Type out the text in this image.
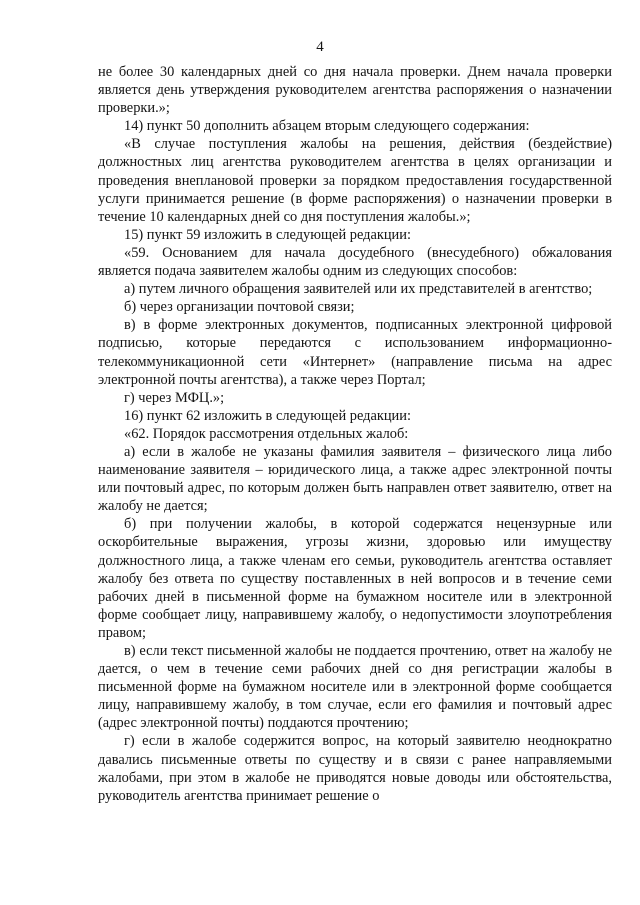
4

не более 30 календарных дней со дня начала проверки. Днем начала проверки является день утверждения руководителем агентства распоряжения о назначении проверки.»;

14) пункт 50 дополнить абзацем вторым следующего содержания:

«В случае поступления жалобы на решения, действия (бездействие) должностных лиц агентства руководителем агентства в целях организации и проведения внеплановой проверки за порядком предоставления государственной услуги принимается решение (в форме распоряжения) о назначении проверки в течение 10 календарных дней со дня поступления жалобы.»;

15) пункт 59 изложить в следующей редакции:

«59. Основанием для начала досудебного (внесудебного) обжалования является подача заявителем жалобы одним из следующих способов:

а) путем личного обращения заявителей или их представителей в агентство;

б) через организации почтовой связи;

в) в форме электронных документов, подписанных электронной цифровой подписью, которые передаются с использованием информационно-телекоммуникационной сети «Интернет» (направление письма на адрес электронной почты агентства), а также через Портал;

г) через МФЦ.»;

16) пункт 62 изложить в следующей редакции:

«62. Порядок рассмотрения отдельных жалоб:

а) если в жалобе не указаны фамилия заявителя – физического лица либо наименование заявителя – юридического лица, а также адрес электронной почты или почтовый адрес, по которым должен быть направлен ответ заявителю, ответ на жалобу не дается;

б) при получении жалобы, в которой содержатся нецензурные или оскорбительные выражения, угрозы жизни, здоровью или имуществу должностного лица, а также членам его семьи, руководитель агентства оставляет жалобу без ответа по существу поставленных в ней вопросов и в течение семи рабочих дней в письменной форме на бумажном носителе или в электронной форме сообщает лицу, направившему жалобу, о недопустимости злоупотребления правом;

в) если текст письменной жалобы не поддается прочтению, ответ на жалобу не дается, о чем в течение семи рабочих дней со дня регистрации жалобы в письменной форме на бумажном носителе или в электронной форме сообщается лицу, направившему жалобу, в том случае, если его фамилия и почтовый адрес (адрес электронной почты) поддаются прочтению;

г) если в жалобе содержится вопрос, на который заявителю неоднократно давались письменные ответы по существу и в связи с ранее направляемыми жалобами, при этом в жалобе не приводятся новые доводы или обстоятельства, руководитель агентства принимает решение о
